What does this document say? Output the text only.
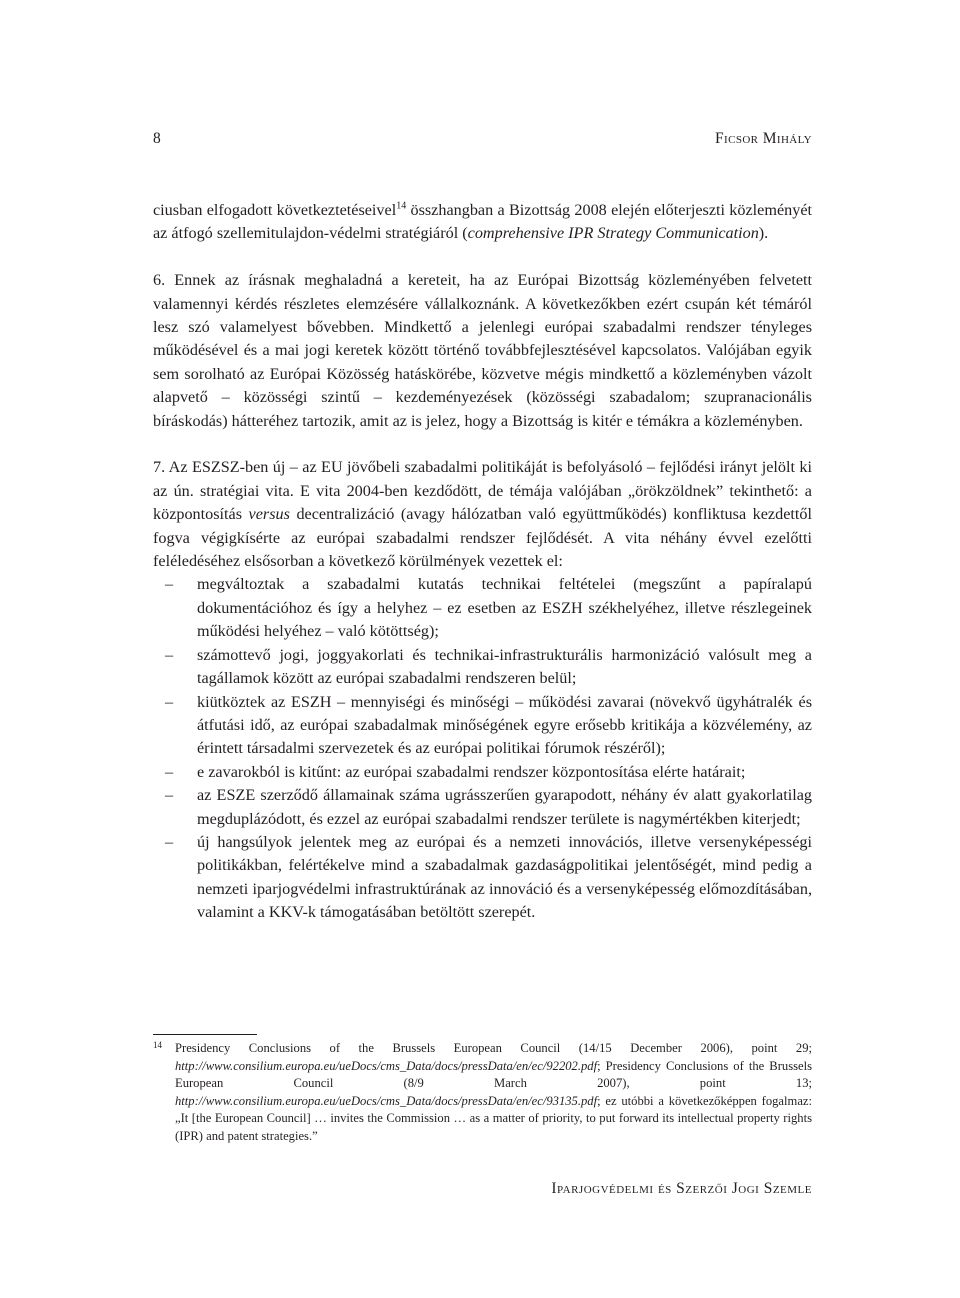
8	Ficsor Mihály

ciusban elfogadott következtetéseivel$^{14}$ összhangban a Bizottság 2008 elején előterjeszti közleményét az átfogó szellemitulajdon-védelmi stratégiáról (comprehensive IPR Strategy Communication).

6. Ennek az írásnak meghaladná a kereteit, ha az Európai Bizottság közleményében felvetett valamennyi kérdés részletes elemzésére vállalkoznánk. A következőkben ezért csupán két témáról lesz szó valamelyest bővebben. Mindkettő a jelenlegi európai szabadalmi rendszer tényleges működésével és a mai jogi keretek között történő továbbfejlesztésével kapcsolatos. Valójában egyik sem sorolható az Európai Közösség hatáskörébe, közvetve mégis mindkettő a közleményben vázolt alapvető – közösségi szintű – kezdeményezések (közösségi szabadalom; szupranacionális bíráskodás) hátteréhez tartozik, amit az is jelez, hogy a Bizottság is kitér e témákra a közleményben.

7. Az ESZSZ-ben új – az EU jövőbeli szabadalmi politikáját is befolyásoló – fejlődési irányt jelölt ki az ún. stratégiai vita. E vita 2004-ben kezdődött, de témája valójában „örökzöldnek” tekinthető: a központosítás versus decentralizáció (avagy hálózatban való együttműködés) konfliktusa kezdettől fogva végigkísérte az európai szabadalmi rendszer fejlődését. A vita néhány évvel ezelőtti feléledéséhez elsősorban a következő körülmények vezettek el:

– megváltoztak a szabadalmi kutatás technikai feltételei (megszűnt a papíralapú dokumentációhoz és így a helyhez – ez esetben az ESZH székhelyéhez, illetve részlegeinek működési helyéhez – való kötöttség);
– számottevő jogi, joggyakorlati és technikai-infrastrukturális harmonizáció valósult meg a tagállamok között az európai szabadalmi rendszeren belül;
– kiütköztek az ESZH – mennyiségi és minőségi – működési zavarai (növekvő ügyhátralék és átfutási idő, az európai szabadalmak minőségének egyre erősebb kritikája a közvélemény, az érintett társadalmi szervezetek és az európai politikai fórumok részéről);
– e zavarokból is kitűnt: az európai szabadalmi rendszer központosítása elérte határait;
– az ESZE szerződő államainak száma ugrásszerűen gyarapodott, néhány év alatt gyakorlatilag megduplázódott, és ezzel az európai szabadalmi rendszer területe is nagymértékben kiterjedt;
– új hangsúlyok jelentek meg az európai és a nemzeti innovációs, illetve versenyképességi politikákban, felértékelve mind a szabadalmak gazdaságpolitikai jelentőségét, mind pedig a nemzeti iparjogvédelmi infrastruktúrának az innováció és a versenyképesség előmozdításában, valamint a KKV-k támogatásában betöltött szerepét.
14 Presidency Conclusions of the Brussels European Council (14/15 December 2006), point 29; http://www.consilium.europa.eu/ueDocs/cms_Data/docs/pressData/en/ec/92202.pdf; Presidency Conclusions of the Brussels European Council (8/9 March 2007), point 13; http://www.consilium.europa.eu/ueDocs/cms_Data/docs/pressData/en/ec/93135.pdf; ez utóbbi a következőképpen fogalmaz: „It [the European Council] … invites the Commission … as a matter of priority, to put forward its intellectual property rights (IPR) and patent strategies.”
Iparjogvédelmi és Szerzői Jogi Szemle
